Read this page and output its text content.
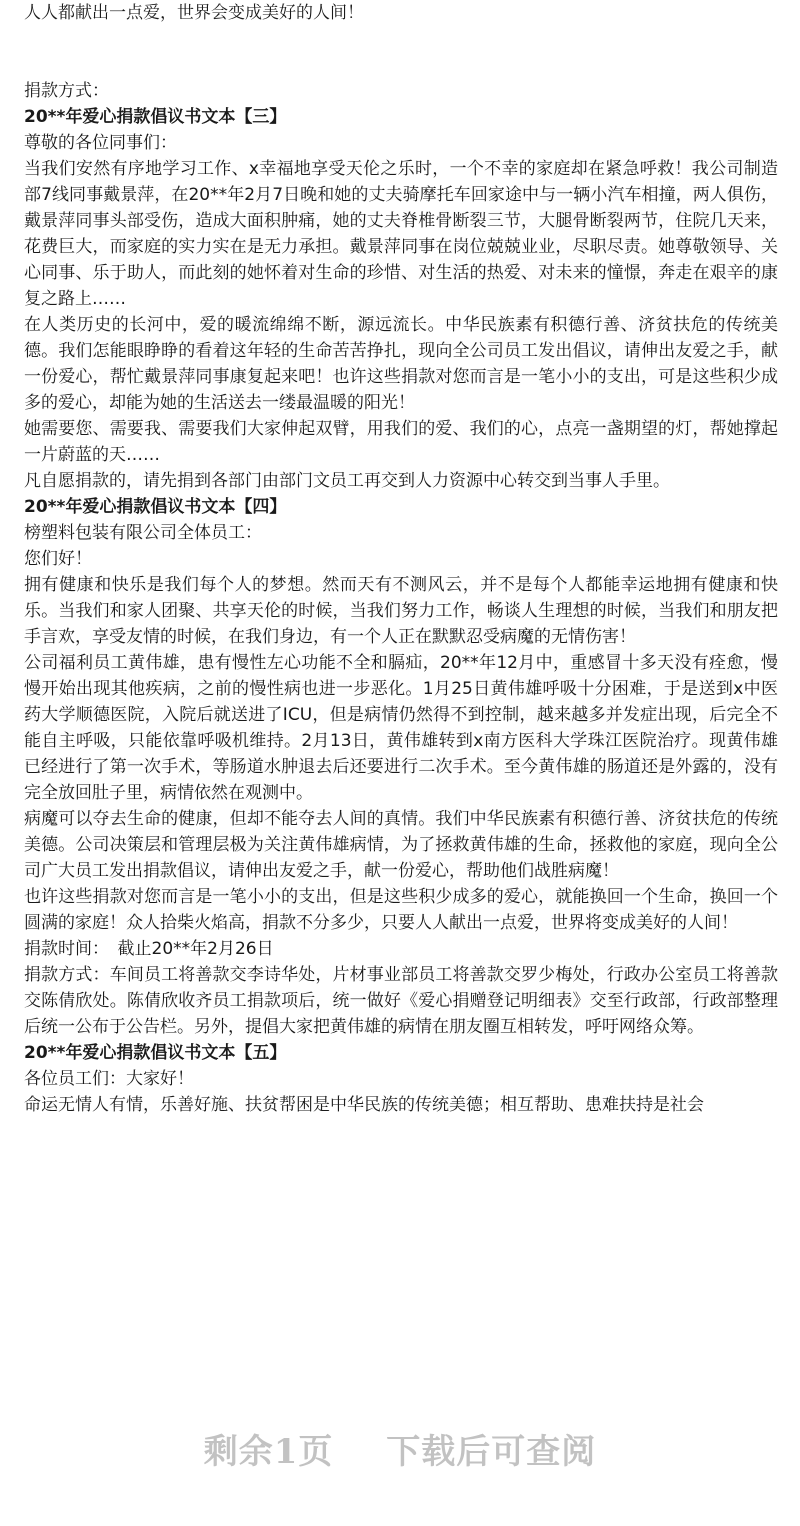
人人都献出一点爱，世界会变成美好的人间！

捐款方式：

20**年爱心捐款倡议书文本【三】

尊敬的各位同事们：

当我们安然有序地学习工作、x幸福地享受天伦之乐时，一个不幸的家庭却在紧急呼救！我公司制造部7线同事戴景萍，在20**年2月7日晚和她的丈夫骑摩托车回家途中与一辆小汽车相撞，两人俱伤，戴景萍同事头部受伤，造成大面积肿痛，她的丈夫脊椎骨断裂三节，大腿骨断裂两节，住院几天来，花费巨大，而家庭的实力实在是无力承担。戴景萍同事在岗位兢兢业业，尽职尽责。她尊敬领导、关心同事、乐于助人，而此刻的她怀着对生命的珍惜、对生活的热爱、对未来的憧憬，奔走在艰辛的康复之路上……

在人类历史的长河中，爱的暖流绵绵不断，源远流长。中华民族素有积德行善、济贫扶危的传统美德。我们怎能眼睁睁的看着这年轻的生命苦苦挣扎，现向全公司员工发出倡议，请伸出友爱之手，献一份爱心，帮忙戴景萍同事康复起来吧！也许这些捐款对您而言是一笔小小的支出，可是这些积少成多的爱心，却能为她的生活送去一缕最温暖的阳光！

她需要您、需要我、需要我们大家伸起双臂，用我们的爱、我们的心，点亮一盏期望的灯，帮她撑起一片蔚蓝的天……

凡自愿捐款的，请先捐到各部门由部门文员工再交到人力资源中心转交到当事人手里。

20**年爱心捐款倡议书文本【四】

榜塑料包装有限公司全体员工：

您们好！

拥有健康和快乐是我们每个人的梦想。然而天有不测风云，并不是每个人都能幸运地拥有健康和快乐。当我们和家人团聚、共享天伦的时候，当我们努力工作，畅谈人生理想的时候，当我们和朋友把手言欢，享受友情的时候，在我们身边，有一个人正在默默忍受病魔的无情伤害！

公司福利员工黄伟雄，患有慢性左心功能不全和膈疝，20**年12月中，重感冒十多天没有痊愈，慢慢开始出现其他疾病，之前的慢性病也进一步恶化。1月25日黄伟雄呼吸十分困难，于是送到x中医药大学顺德医院，入院后就送进了ICU，但是病情仍然得不到控制，越来越多并发症出现，后完全不能自主呼吸，只能依靠呼吸机维持。2月13日，黄伟雄转到x南方医科大学珠江医院治疗。现黄伟雄已经进行了第一次手术，等肠道水肿退去后还要进行二次手术。至今黄伟雄的肠道还是外露的，没有完全放回肚子里，病情依然在观测中。

病魔可以夺去生命的健康，但却不能夺去人间的真情。我们中华民族素有积德行善、济贫扶危的传统美德。公司决策层和管理层极为关注黄伟雄病情，为了拯救黄伟雄的生命，拯救他的家庭，现向全公司广大员工发出捐款倡议，请伸出友爱之手，献一份爱心，帮助他们战胜病魔！

也许这些捐款对您而言是一笔小小的支出，但是这些积少成多的爱心，就能换回一个生命，换回一个圆满的家庭！众人拾柴火焰高，捐款不分多少，只要人人献出一点爱，世界将变成美好的人间！

捐款时间：　截止20**年2月26日

捐款方式：车间员工将善款交李诗华处，片材事业部员工将善款交罗少梅处，行政办公室员工将善款交陈倩欣处。陈倩欣收齐员工捐款项后，统一做好《爱心捐赠登记明细表》交至行政部，行政部整理后统一公布于公告栏。另外，提倡大家把黄伟雄的病情在朋友圈互相转发，呼吁网络众筹。

20**年爱心捐款倡议书文本【五】

各位员工们：大家好！

命运无情人有情，乐善好施、扶贫帮困是中华民族的传统美德；相互帮助、患难扶持是社会

剩余1页 下载后可查阅
